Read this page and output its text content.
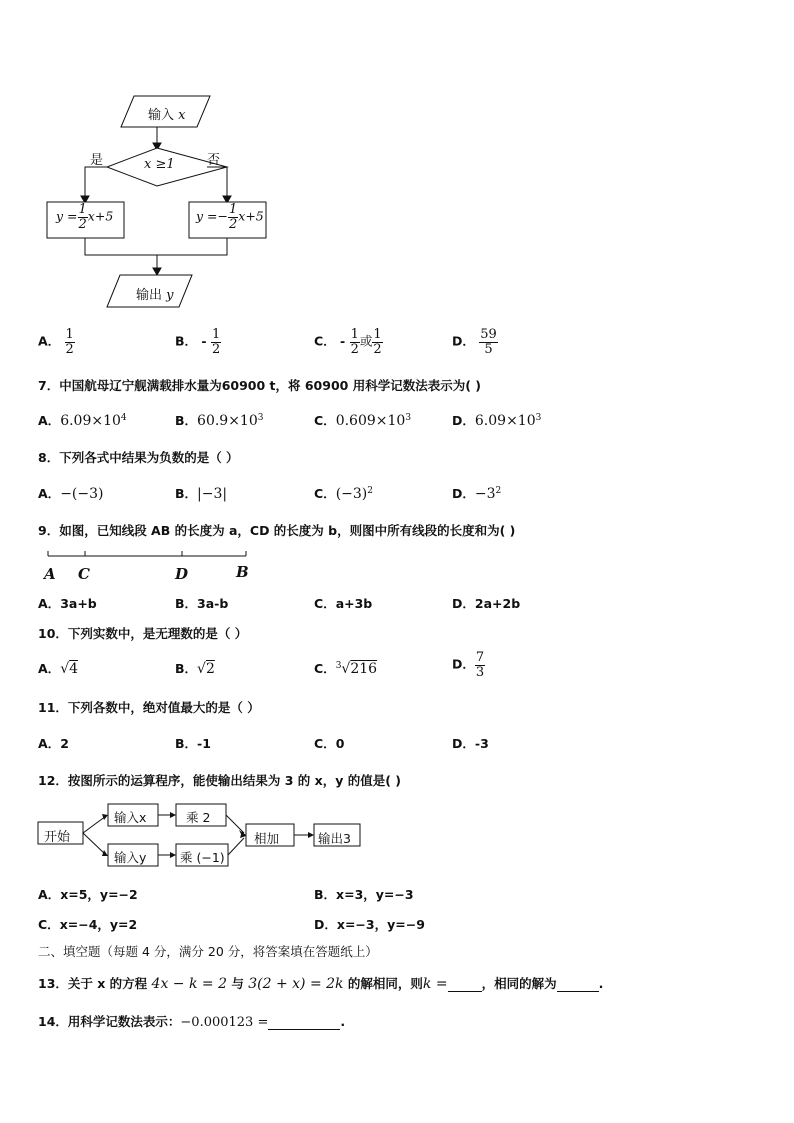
输入 x
x ≥1
是	否
$y = \frac{1}{2} x+5$	$y =- \frac{1}{2} x+5$
输出 y
A． $\frac{1}{2}$	B． - $\frac{1}{2}$	C． - $\frac{1}{2}$ 或 $\frac{1}{2}$	D． $\frac{59}{5}$
7．中国航母辽宁舰满载排水量为60900 t，将 60900 用科学记数法表示为( )
A．$6.09\times 10^4$	B．$60.9\times 10^3$	C．$0.609\times 10^3$	D．$6.09\times 10^3$
8．下列各式中结果为负数的是（ ）
A．−(−3)	B．|−3|	C．$(-3)^2$	D．$-3^2$
9．如图，已知线段 AB 的长度为 a，CD 的长度为 b，则图中所有线段的长度和为( )
A C	D	B
A．3a+b	B．3a-b	C．a+3b	D．2a+2b
10．下列实数中，是无理数的是（ ）
A．√4	B．√2	C．$^3$√216	D． $\frac{7}{3}$
11．下列各数中，绝对值最大的是（ ）
A．2	B．-1	C．0	D．-3
12．按图所示的运算程序，能使输出结果为 3 的 x，y 的值是( )
开始
输入x
输入y
乘 2
乘 (−1)
相加	输出3
A．x=5，y=−2	B．x=3，y=−3
C．x=−4，y=2	D．x=−3，y=−9
二、填空题（每题 4 分，满分 20 分，将答案填在答题纸上）
13．关于 x 的方程 4x − k = 2 与 3(2 + x) = 2k 的解相同，则k =	，相同的解为	.
14．用科学记数法表示：−0.000123 =	.
